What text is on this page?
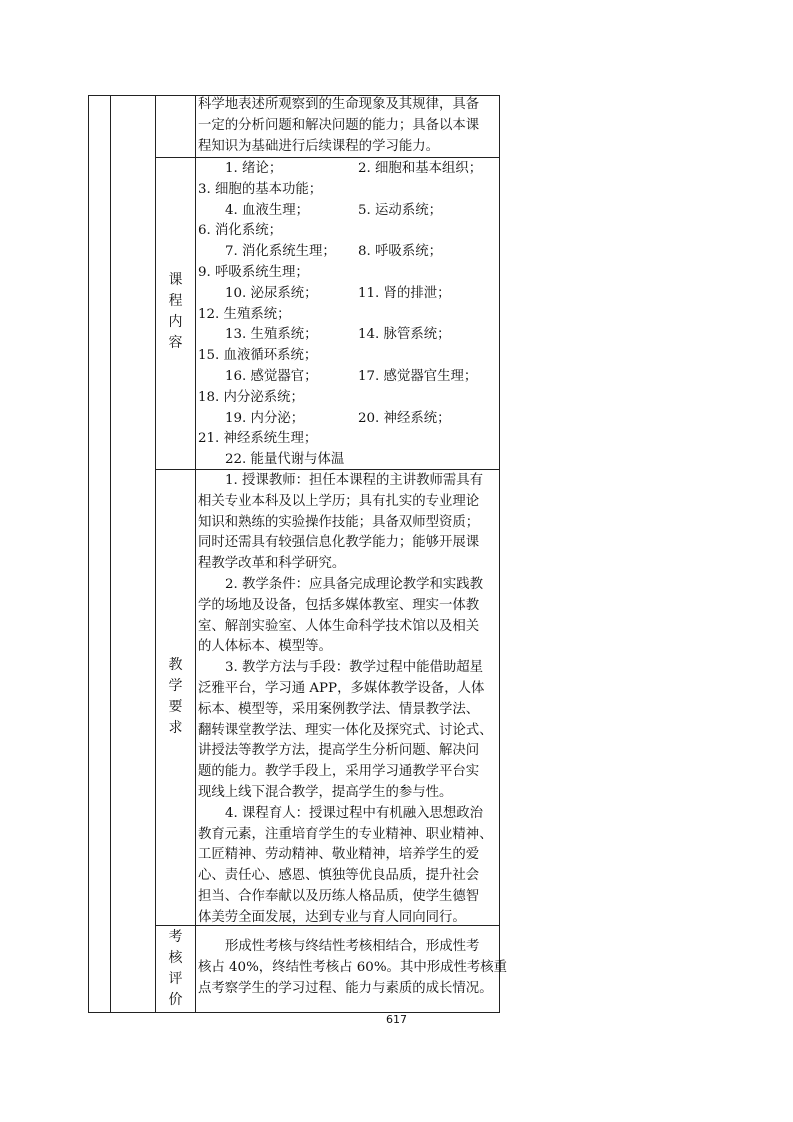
科学地表述所观察到的生命现象及其规律，具备
一定的分析问题和解决问题的能力；具备以本课
程知识为基础进行后续课程的学习能力。
课程内容
1. 绪论；	2. 细胞和基本组织；
3. 细胞的基本功能；
4. 血液生理；	5. 运动系统；
6. 消化系统；
7. 消化系统生理； 8. 呼吸系统；
9. 呼吸系统生理；
10. 泌尿系统；	11. 肾的排泄；
12. 生殖系统；
13. 生殖系统；	14. 脉管系统；
15. 血液循环系统；
16. 感觉器官；	17. 感觉器官生理；
18. 内分泌系统；
19. 内分泌；	20. 神经系统；
21. 神经系统生理；
22. 能量代谢与体温
教学要求
1. 授课教师：担任本课程的主讲教师需具有
相关专业本科及以上学历；具有扎实的专业理论
知识和熟练的实验操作技能；具备双师型资质；
同时还需具有较强信息化教学能力；能够开展课
程教学改革和科学研究。
2. 教学条件：应具备完成理论教学和实践教
学的场地及设备，包括多媒体教室、理实一体教
室、解剖实验室、人体生命科学技术馆以及相关
的人体标本、模型等。
3. 教学方法与手段：教学过程中能借助超星
泛雅平台，学习通 APP，多媒体教学设备，人体
标本、模型等，采用案例教学法、情景教学法、
翻转课堂教学法、理实一体化及探究式、讨论式、
讲授法等教学方法，提高学生分析问题、解决问
题的能力。教学手段上，采用学习通教学平台实
现线上线下混合教学，提高学生的参与性。
4. 课程育人：授课过程中有机融入思想政治
教育元素，注重培育学生的专业精神、职业精神、
工匠精神、劳动精神、敬业精神，培养学生的爱
心、责任心、感恩、慎独等优良品质，提升社会
担当、合作奉献以及历练人格品质，使学生德智
体美劳全面发展，达到专业与育人同向同行。
考核评价
形成性考核与终结性考核相结合，形成性考
核占 40%，终结性考核占 60%。其中形成性考核重
点考察学生的学习过程、能力与素质的成长情况。
617
